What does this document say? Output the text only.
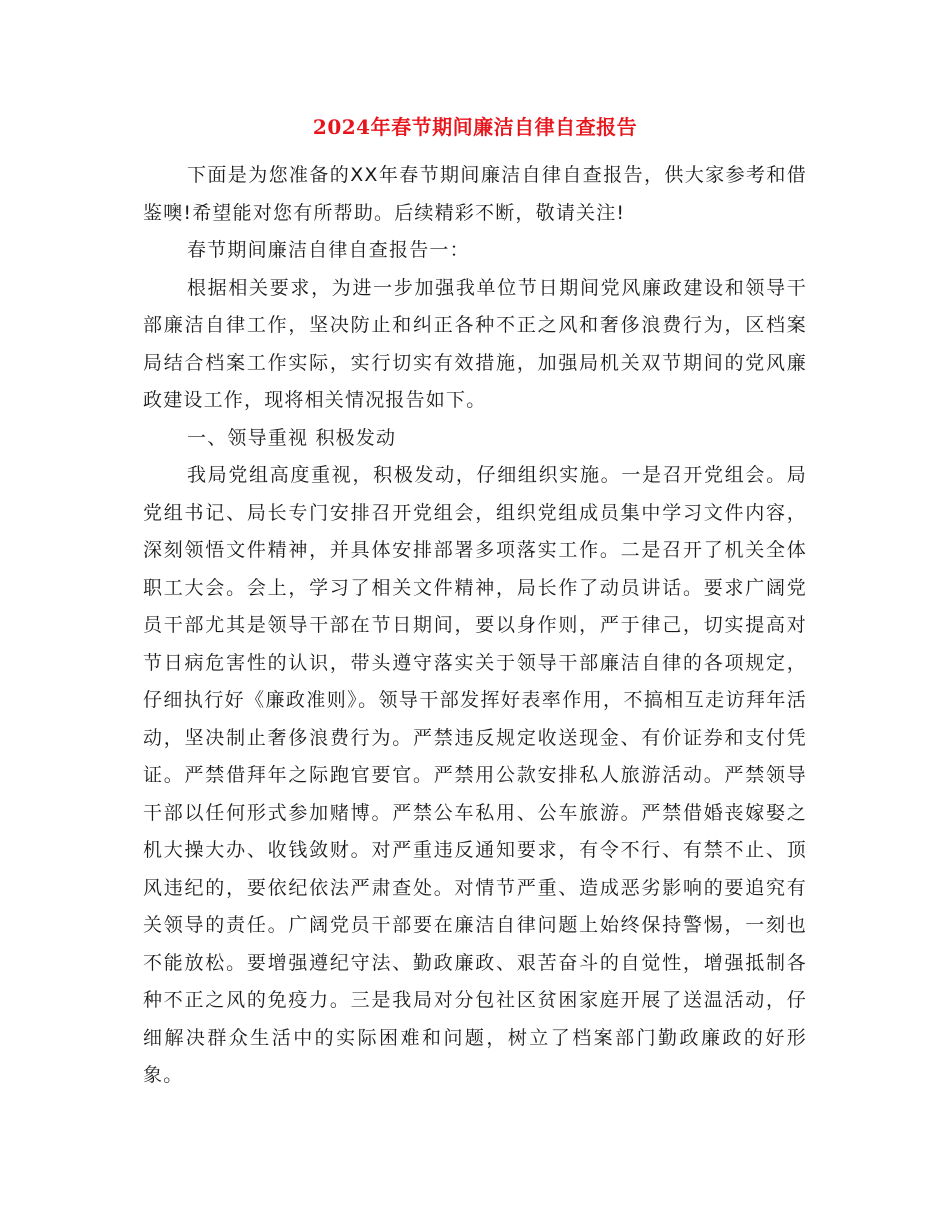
2024年春节期间廉洁自律自查报告

下面是为您准备的XX年春节期间廉洁自律自查报告，供大家参考和借鉴噢!希望能对您有所帮助。后续精彩不断，敬请关注!

春节期间廉洁自律自查报告一：

根据相关要求，为进一步加强我单位节日期间党风廉政建设和领导干部廉洁自律工作，坚决防止和纠正各种不正之风和奢侈浪费行为，区档案局结合档案工作实际，实行切实有效措施，加强局机关双节期间的党风廉政建设工作，现将相关情况报告如下。

一、领导重视 积极发动

我局党组高度重视，积极发动，仔细组织实施。一是召开党组会。局党组书记、局长专门安排召开党组会，组织党组成员集中学习文件内容，深刻领悟文件精神，并具体安排部署多项落实工作。二是召开了机关全体职工大会。会上，学习了相关文件精神，局长作了动员讲话。要求广阔党员干部尤其是领导干部在节日期间，要以身作则，严于律己，切实提高对节日病危害性的认识，带头遵守落实关于领导干部廉洁自律的各项规定，仔细执行好《廉政准则》。领导干部发挥好表率作用，不搞相互走访拜年活动，坚决制止奢侈浪费行为。严禁违反规定收送现金、有价证券和支付凭证。严禁借拜年之际跑官要官。严禁用公款安排私人旅游活动。严禁领导干部以任何形式参加赌博。严禁公车私用、公车旅游。严禁借婚丧嫁娶之机大操大办、收钱敛财。对严重违反通知要求，有令不行、有禁不止、顶风违纪的，要依纪依法严肃查处。对情节严重、造成恶劣影响的要追究有关领导的责任。广阔党员干部要在廉洁自律问题上始终保持警惕，一刻也不能放松。要增强遵纪守法、勤政廉政、艰苦奋斗的自觉性，增强抵制各种不正之风的免疫力。三是我局对分包社区贫困家庭开展了送温活动，仔细解决群众生活中的实际困难和问题，树立了档案部门勤政廉政的好形象。
